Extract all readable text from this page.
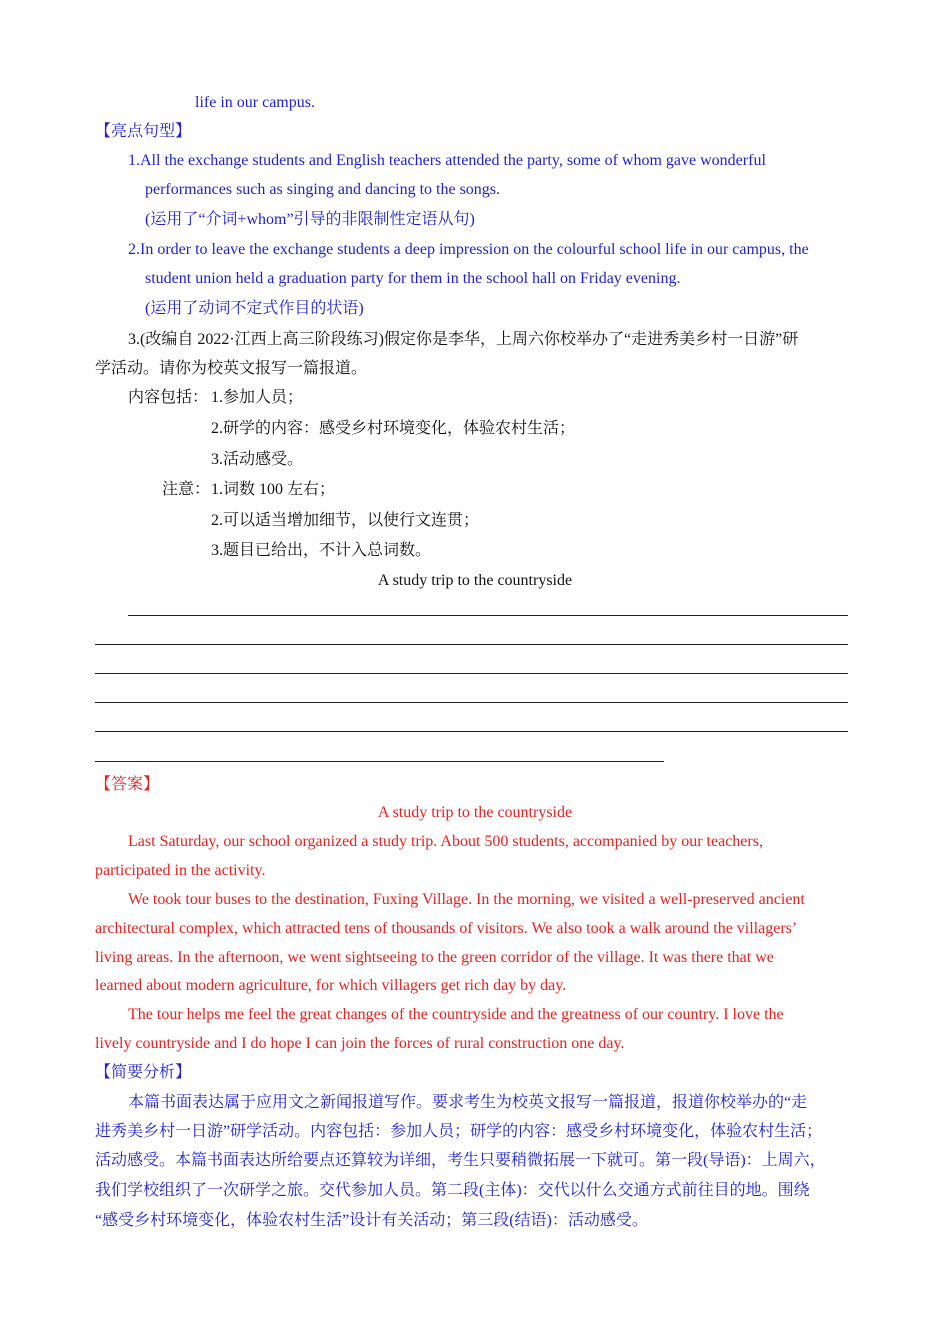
life in our campus.
【亮点句型】
1.All the exchange students and English teachers attended the party, some of whom gave wonderful
performances such as singing and dancing to the songs.
(运用了“介词+whom”引导的非限制性定语从句)
2.In order to leave the exchange students a deep impression on the colourful school life in our campus, the
student union held a graduation party for them in the school hall on Friday evening.
(运用了动词不定式作目的状语)
3.(改编自 2022·江西上高三阶段练习)假定你是李华，上周六你校举办了“走进秀美乡村一日游”研
学活动。请你为校英文报写一篇报道。
内容包括： 1.参加人员；
2.研学的内容：感受乡村环境变化，体验农村生活；
3.活动感受。
注意： 1.词数 100 左右；
2.可以适当增加细节，以使行文连贯；
3.题目已给出，不计入总词数。
A study trip to the countryside
【答案】
A study trip to the countryside
Last Saturday, our school organized a study trip. About 500 students, accompanied by our teachers,
participated in the activity.
We took tour buses to the destination, Fuxing Village. In the morning, we visited a well-preserved ancient
architectural complex, which attracted tens of thousands of visitors. We also took a walk around the villagers’
living areas. In the afternoon, we went sightseeing to the green corridor of the village. It was there that we
learned about modern agriculture, for which villagers get rich day by day.
The tour helps me feel the great changes of the countryside and the greatness of our country. I love the
lively countryside and I do hope I can join the forces of rural construction one day.
【简要分析】
本篇书面表达属于应用文之新闻报道写作。要求考生为校英文报写一篇报道，报道你校举办的“走
进秀美乡村一日游”研学活动。内容包括：参加人员；研学的内容：感受乡村环境变化，体验农村生活；
活动感受。本篇书面表达所给要点还算较为详细，考生只要稍微拓展一下就可。第一段(导语)：上周六，
我们学校组织了一次研学之旅。交代参加人员。第二段(主体)：交代以什么交通方式前往目的地。围绕
“感受乡村环境变化，体验农村生活”设计有关活动；第三段(结语)：活动感受。
